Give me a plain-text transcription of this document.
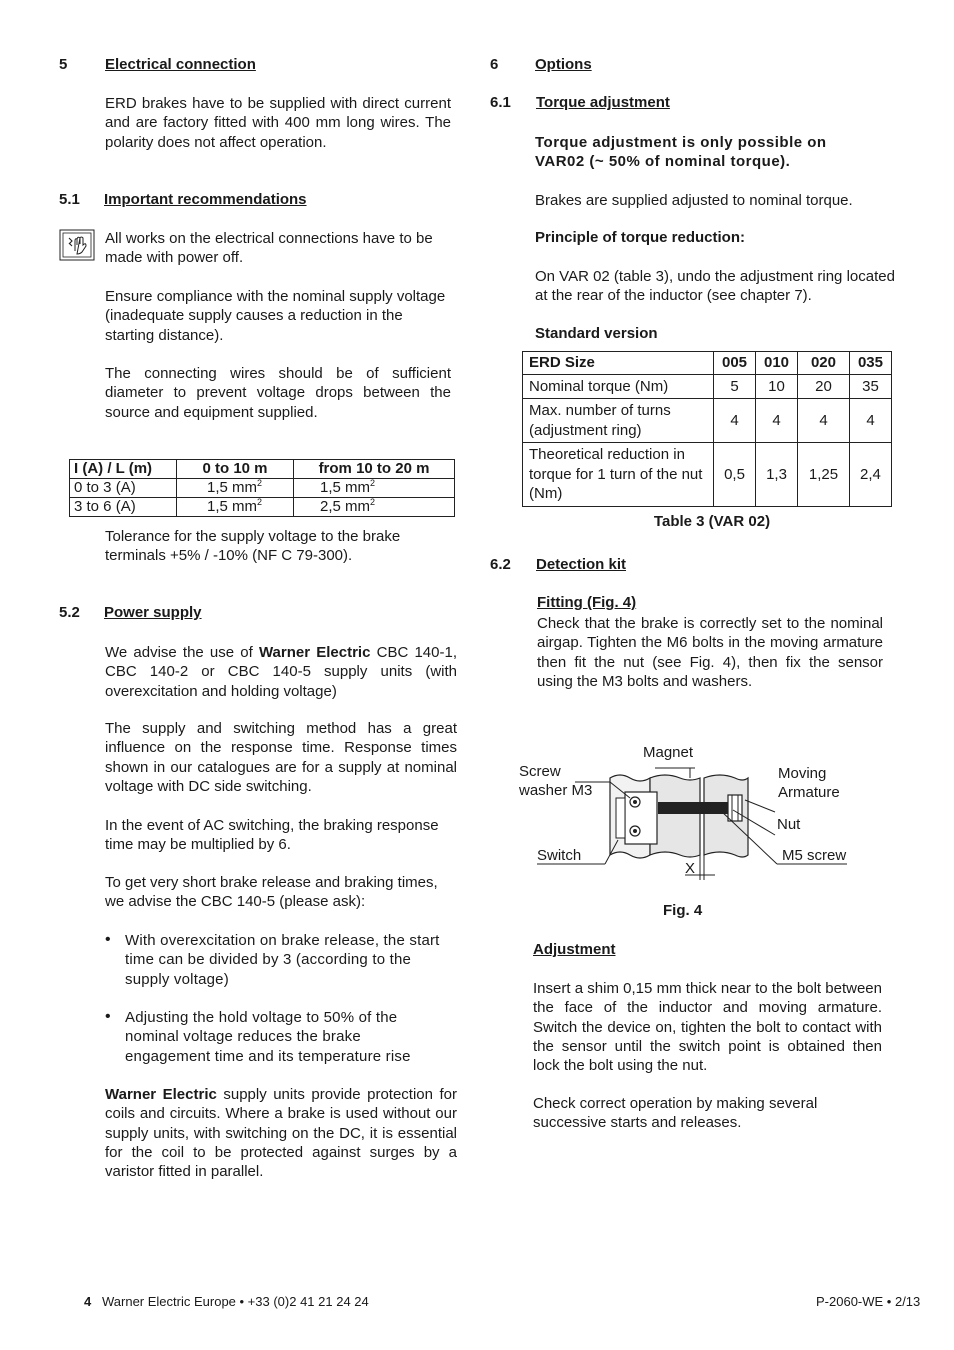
5	Electrical connection

ERD brakes have to be supplied with direct current and are factory fitted with 400 mm long wires. The polarity does not affect operation.

5.1 Important recommendations

All works on the electrical connections have to be made with power off.

Ensure compliance with the nominal supply voltage (inadequate supply causes a reduction in the starting distance).

The connecting wires should be of sufficient diameter to prevent voltage drops between the source and equipment supplied.

I (A) / L (m)	0 to 10 m	from 10 to 20 m
0 to 3 (A)	1,5 $mm^2$	1,5 $mm^2$
3 to 6 (A)	1,5 $mm^2$	2,5 $mm^2$

Tolerance for the supply voltage to the brake terminals +5% / -10% (NF C 79-300).

5.2 Power supply

We advise the use of Warner Electric CBC 140-1, CBC 140-2 or CBC 140-5 supply units (with overexcitation and holding voltage)

The supply and switching method has a great influence on the response time. Response times shown in our catalogues are for a supply at nominal voltage with DC side switching.

In the event of AC switching, the braking response time may be multiplied by 6.

To get very short brake release and braking times, we advise the CBC 140-5 (please ask):

• With overexcitation on brake release, the start time can be divided by 3 (according to the supply voltage)

• Adjusting the hold voltage to 50% of the nominal voltage reduces the brake engagement time and its temperature rise

Warner Electric supply units provide protection for coils and circuits. Where a brake is used without our supply units, with switching on the DC, it is essential for the coil to be protected against surges by a varistor fitted in parallel.

6 Options
6.1 Torque adjustment

Torque adjustment is only possible on VAR02 (~ 50% of nominal torque).

Brakes are supplied adjusted to nominal torque.

Principle of torque reduction:

On VAR 02 (table 3), undo the adjustment ring located at the rear of the inductor (see chapter 7).

Standard version
ERD Size	005	010	020	035
Nominal torque (Nm)	5	10	20	35
Max. number of turns (adjustment ring)	4	4	4	4
Theoretical reduction in torque for 1 turn of the nut (Nm)	0,5	1,3	1,25	2,4
Table 3 (VAR 02)
6.2 Detection kit
Fitting (Fig. 4)

Check that the brake is correctly set to the nominal airgap. Tighten the M6 bolts in the moving armature then fit the nut (see Fig. 4), then fix the sensor using the M3 bolts and washers.

Magnet
Screw
washer M3
Moving
Armature
Nut
Switch	M5 screw
X
Fig. 4
Adjustment

Insert a shim 0,15 mm thick near to the bolt between the face of the inductor and moving armature. Switch the device on, tighten the bolt to contact with the sensor until the switch point is obtained then lock the bolt using the nut.

Check correct operation by making several successive starts and releases.

4 Warner Electric Europe • +33 (0)2 41 21 24 24	P-2060-WE • 2/13
